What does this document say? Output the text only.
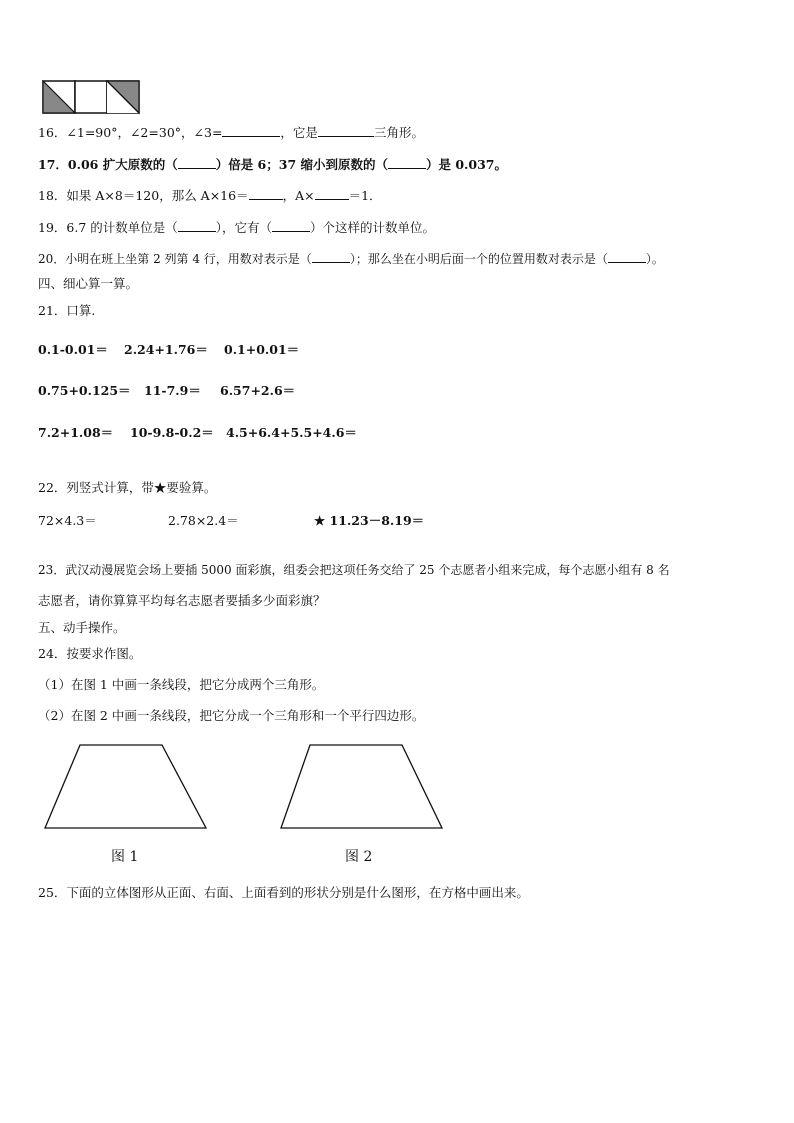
16．∠1=90°，∠2=30°，∠3=	，它是	三角形。
17．0.06 扩大原数的（	）倍是 6；37 缩小到原数的（	）是 0.037。
18．如果 A×8＝120，那么 A×16＝	，A×	＝1．
19．6.7 的计数单位是（	），它有（	）个这样的计数单位。
20．小明在班上坐第 2 列第 4 行，用数对表示是（	）；那么坐在小明后面一个的位置用数对表示是（	）。
四、细心算一算。
21．口算.
0.1-0.01＝ 2.24+1.76＝ 0.1+0.01＝
0.75+0.125＝ 11-7.9＝ 6.57+2.6＝
7.2+1.08＝ 10-9.8-0.2＝ 4.5+6.4+5.5+4.6＝
22．列竖式计算，带★要验算。
72×4.3＝	2.78×2.4＝	★ 11.23－8.19＝
23．武汉动漫展览会场上要插 5000 面彩旗，组委会把这项任务交给了 25 个志愿者小组来完成，每个志愿小组有 8 名
志愿者，请你算算平均每名志愿者要插多少面彩旗？
五、动手操作。
24．按要求作图。
（1）在图 1 中画一条线段，把它分成两个三角形。
（2）在图 2 中画一条线段，把它分成一个三角形和一个平行四边形。
图 1	图 2
25．下面的立体图形从正面、右面、上面看到的形状分别是什么图形，在方格中画出来。
